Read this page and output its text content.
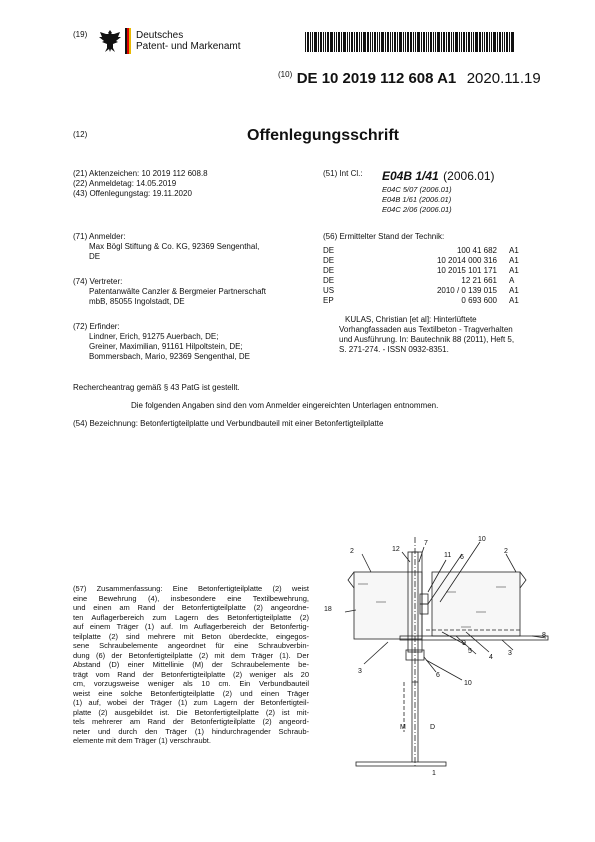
(19)	Deutsches
Patent- und Markenamt
$^{(10)}$ DE 10 2019 112 608 A1 2020.11.19
(12)	Offenlegungsschrift
(21) Aktenzeichen: 10 2019 112 608.8
(22) Anmeldetag: 14.05.2019
(43) Offenlegungstag: 19.11.2020
(51) Int Cl.: E04B 1/41 (2006.01)
E04C 5/07 (2006.01)
E04B 1/61 (2006.01)
E04C 2/06 (2006.01)
(71) Anmelder:
Max Bögl Stiftung & Co. KG, 92369 Sengenthal,
DE
(74) Vertreter:
Patentanwälte Canzler & Bergmeier Partnerschaft
mbB, 85055 Ingolstadt, DE
(72) Erfinder:
Lindner, Erich, 91275 Auerbach, DE;
Greiner, Maximilian, 91161 Hilpoltstein, DE;
Bommersbach, Mario, 92369 Sengenthal, DE
(56) Ermittelter Stand der Technik:
DE	100 41 682	A1
DE	10 2014 000 316	A1
DE	10 2015 101 171	A1
DE	12 21 661	A
US	2010 / 0 139 015	A1
EP	0 693 600	A1
KULAS, Christian [et al]: Hinterlüftete
Vorhangfassaden aus Textilbeton - Tragverhalten
und Ausführung. In: Bautechnik 88 (2011), Heft 5,
S. 271-274. - ISSN 0932-8351.
Rechercheantrag gemäß § 43 PatG ist gestellt.
Die folgenden Angaben sind den vom Anmelder eingereichten Unterlagen entnommen.
(54) Bezeichnung: Betonfertigteilplatte und Verbundbauteil mit einer Betonfertigteilplatte
(57) Zusammenfassung: Eine Betonfertigteilplatte (2) weist
eine Bewehrung (4), insbesondere eine Textilbewehrung,
und einen am Rand der Betonfertigteilplatte (2) angeordne-
ten Auflagerbereich zum Lagern des Betonfertigteilplatte (2)
auf einem Träger (1) auf. Im Auflagerbereich der Betonfertig-
teilplatte (2) sind mehrere mit Beton überdeckte, eingegos-
sene Schraubelemente angeordnet für eine Schraubverbin-
dung (6) der Betonfertigteilplatte (2) mit dem Träger (1). Der
Abstand (D) einer Mittellinie (M) der Schraubelemente be-
trägt vom Rand der Betonfertigteilplatte (2) weniger als 20
cm, vorzugsweise weniger als 10 cm. Ein Verbundbauteil
weist eine solche Betonfertigteilplatte (2) und einen Träger
(1) auf, wobei der Träger (1) zum Lagern der Betonfertigteil-
platte (2) ausgebildet ist. Die Betonfertigteilplatte (2) ist mit-
tels mehrerer am Rand der Betonfertigteilplatte (2) angeord-
neter und durch den Träger (1) hindurchragender Schraub-
elemente mit dem Träger (1) verschraubt.
2	12
7
11 6
10
2
18
3
4
9
5
8
3
6
10
M	D
1
